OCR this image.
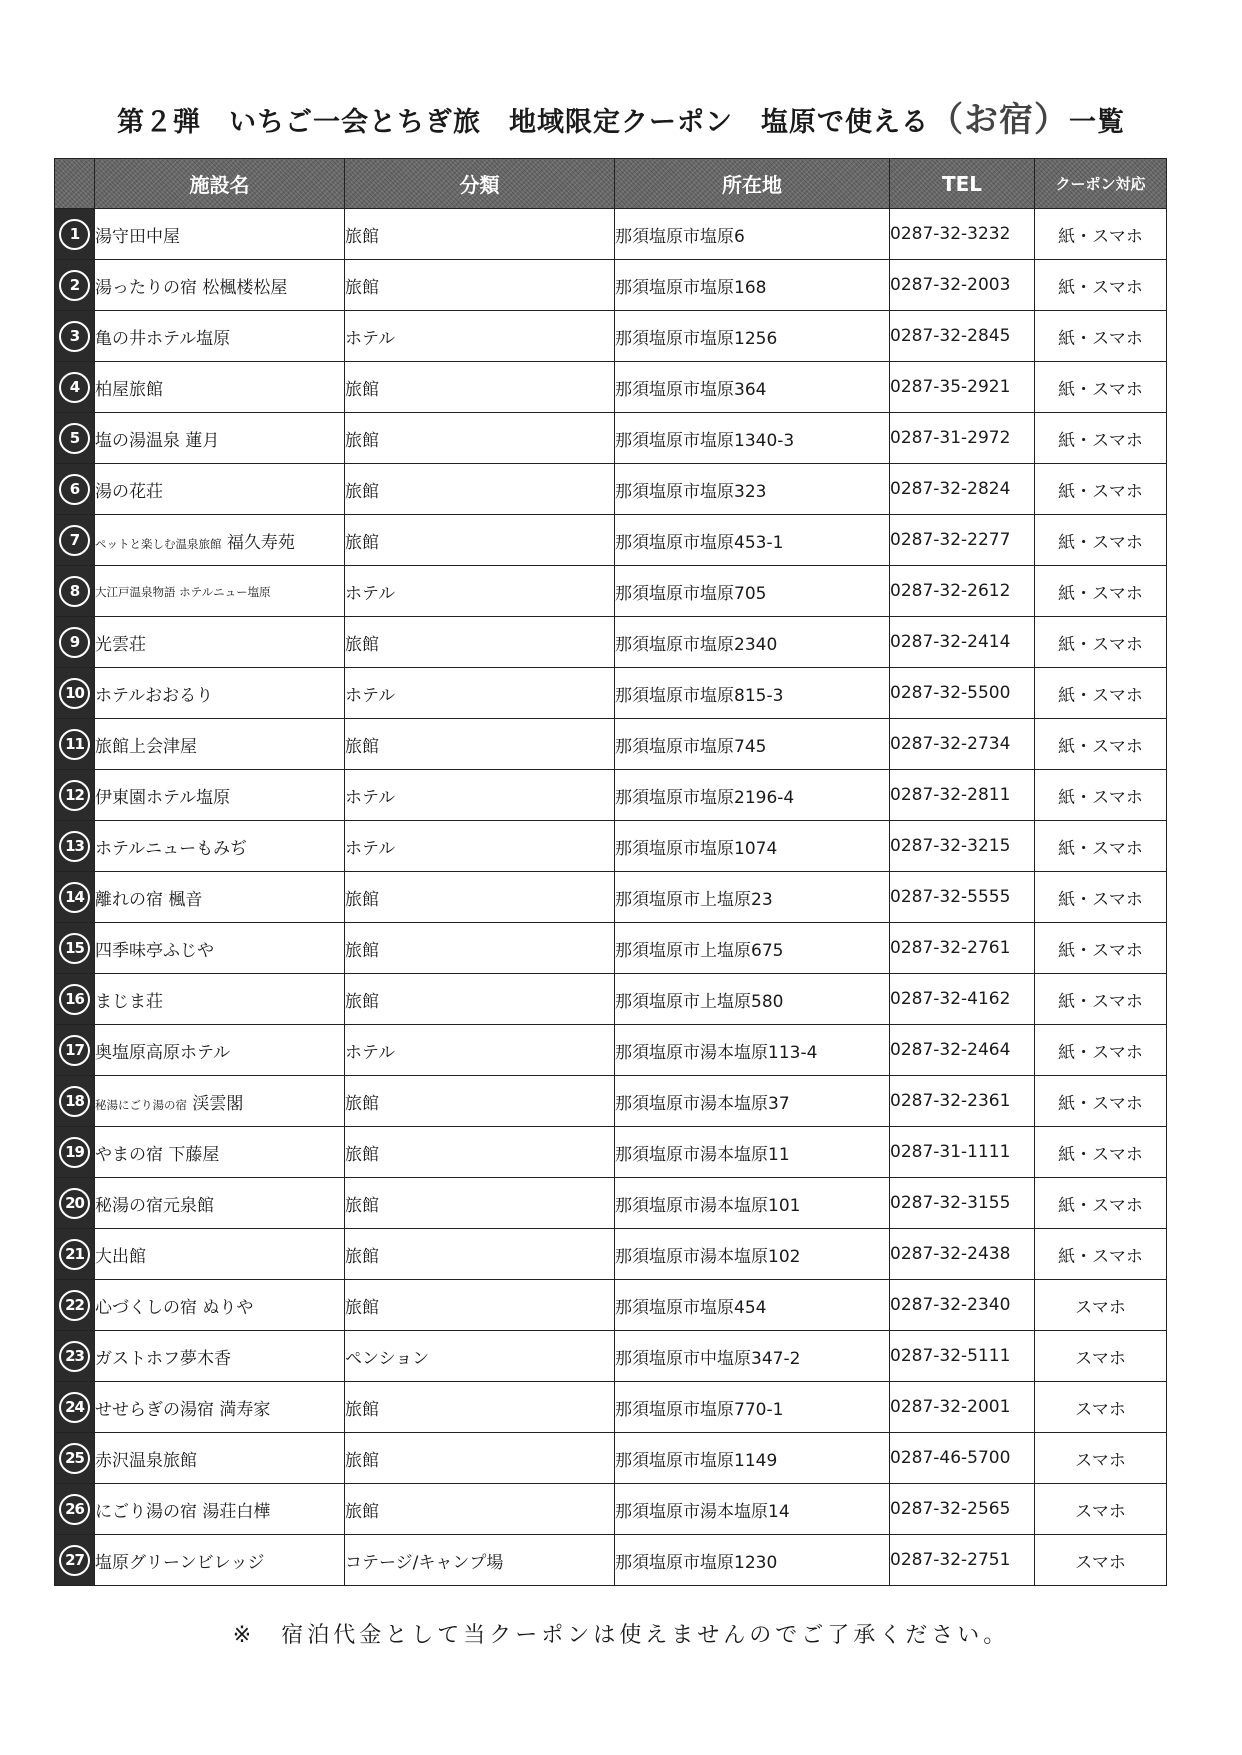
第２弾　いちご一会とちぎ旅　地域限定クーポン　塩原で使える（お宿）一覧
	施設名	分類	所在地	TEL	クーポン対応
1	湯守田中屋	旅館	那須塩原市塩原6	0287-32-3232	紙・スマホ
2	湯ったりの宿 松楓楼松屋	旅館	那須塩原市塩原168	0287-32-2003	紙・スマホ
3	亀の井ホテル塩原	ホテル	那須塩原市塩原1256	0287-32-2845	紙・スマホ
4	柏屋旅館	旅館	那須塩原市塩原364	0287-35-2921	紙・スマホ
5	塩の湯温泉 蓮月	旅館	那須塩原市塩原1340-3	0287-31-2972	紙・スマホ
6	湯の花荘	旅館	那須塩原市塩原323	0287-32-2824	紙・スマホ
7	ペットと楽しむ温泉旅館 福久寿苑	旅館	那須塩原市塩原453-1	0287-32-2277	紙・スマホ
8	大江戸温泉物語 ホテルニュー塩原	ホテル	那須塩原市塩原705	0287-32-2612	紙・スマホ
9	光雲荘	旅館	那須塩原市塩原2340	0287-32-2414	紙・スマホ
10	ホテルおおるり	ホテル	那須塩原市塩原815-3	0287-32-5500	紙・スマホ
11	旅館上会津屋	旅館	那須塩原市塩原745	0287-32-2734	紙・スマホ
12	伊東園ホテル塩原	ホテル	那須塩原市塩原2196-4	0287-32-2811	紙・スマホ
13	ホテルニューもみぢ	ホテル	那須塩原市塩原1074	0287-32-3215	紙・スマホ
14	離れの宿 楓音	旅館	那須塩原市上塩原23	0287-32-5555	紙・スマホ
15	四季味亭ふじや	旅館	那須塩原市上塩原675	0287-32-2761	紙・スマホ
16	まじま荘	旅館	那須塩原市上塩原580	0287-32-4162	紙・スマホ
17	奥塩原高原ホテル	ホテル	那須塩原市湯本塩原113-4	0287-32-2464	紙・スマホ
18	秘湯にごり湯の宿 渓雲閣	旅館	那須塩原市湯本塩原37	0287-32-2361	紙・スマホ
19	やまの宿 下藤屋	旅館	那須塩原市湯本塩原11	0287-31-1111	紙・スマホ
20	秘湯の宿元泉館	旅館	那須塩原市湯本塩原101	0287-32-3155	紙・スマホ
21	大出館	旅館	那須塩原市湯本塩原102	0287-32-2438	紙・スマホ
22	心づくしの宿 ぬりや	旅館	那須塩原市塩原454	0287-32-2340	スマホ
23	ガストホフ夢木香	ペンション	那須塩原市中塩原347-2	0287-32-5111	スマホ
24	せせらぎの湯宿 満寿家	旅館	那須塩原市塩原770-1	0287-32-2001	スマホ
25	赤沢温泉旅館	旅館	那須塩原市塩原1149	0287-46-5700	スマホ
26	にごり湯の宿 湯荘白樺	旅館	那須塩原市湯本塩原14	0287-32-2565	スマホ
27	塩原グリーンビレッジ	コテージ/キャンプ場	那須塩原市塩原1230	0287-32-2751	スマホ
※　宿泊代金として当クーポンは使えませんのでご了承ください。
